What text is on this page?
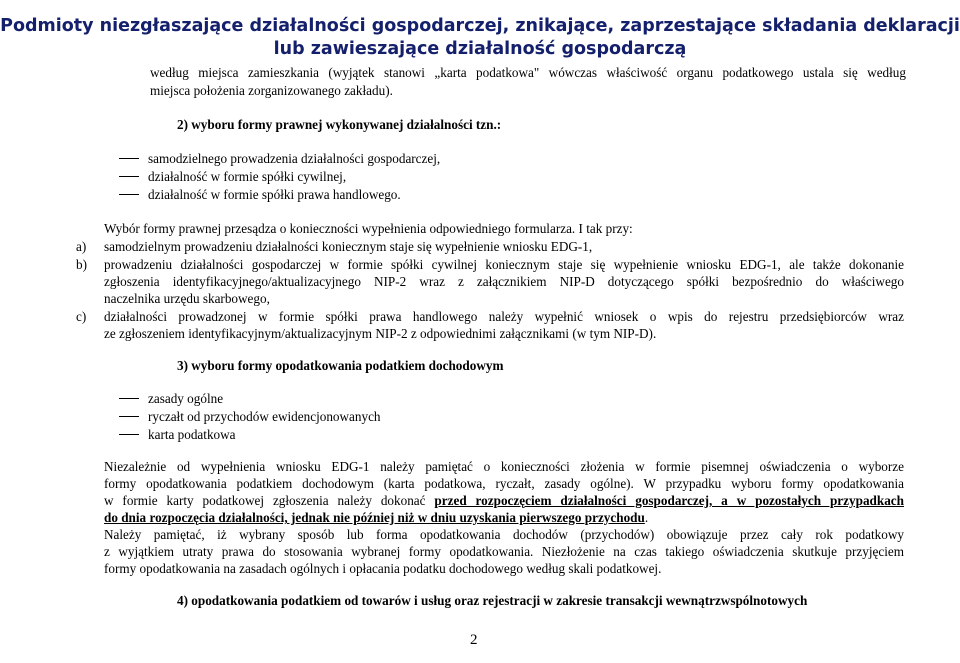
Podmioty niezgłaszające działalności gospodarczej, znikające, zaprzestające składania deklaracji
lub zawieszające działalność gospodarczą
według miejsca zamieszkania (wyjątek stanowi „karta podatkowa" wówczas właściwość organu podatkowego ustala się według
miejsca położenia zorganizowanego zakładu).
2) wyboru formy prawnej wykonywanej działalności tzn.:
samodzielnego prowadzenia działalności gospodarczej,
działalność w formie spółki cywilnej,
działalność w formie spółki prawa handlowego.
Wybór formy prawnej przesądza o konieczności wypełnienia odpowiedniego formularza. I tak przy:
a) samodzielnym prowadzeniu działalności koniecznym staje się wypełnienie wniosku EDG-1,
b) prowadzeniu działalności gospodarczej w formie spółki cywilnej koniecznym staje się wypełnienie wniosku EDG-1, ale także dokonanie
zgłoszenia identyfikacyjnego/aktualizacyjnego NIP-2 wraz z załącznikiem NIP-D dotyczącego spółki bezpośrednio do właściwego
naczelnika urzędu skarbowego,
c) działalności prowadzonej w formie spółki prawa handlowego należy wypełnić wniosek o wpis do rejestru przedsiębiorców wraz
ze zgłoszeniem identyfikacyjnym/aktualizacyjnym NIP-2 z odpowiednimi załącznikami (w tym NIP-D).
3) wyboru formy opodatkowania podatkiem dochodowym
zasady ogólne
ryczałt od przychodów ewidencjonowanych
karta podatkowa
Niezależnie od wypełnienia wniosku EDG-1 należy pamiętać o konieczności złożenia w formie pisemnej oświadczenia o wyborze
formy opodatkowania podatkiem dochodowym (karta podatkowa, ryczałt, zasady ogólne). W przypadku wyboru formy opodatkowania
w formie karty podatkowej zgłoszenia należy dokonać przed rozpoczęciem działalności gospodarczej, a w pozostałych przypadkach
do dnia rozpoczęcia działalności, jednak nie później niż w dniu uzyskania pierwszego przychodu.
Należy pamiętać, iż wybrany sposób lub forma opodatkowania dochodów (przychodów) obowiązuje przez cały rok podatkowy
z wyjątkiem utraty prawa do stosowania wybranej formy opodatkowania. Niezłożenie na czas takiego oświadczenia skutkuje przyjęciem
formy opodatkowania na zasadach ogólnych i opłacania podatku dochodowego według skali podatkowej.
4) opodatkowania podatkiem od towarów i usług oraz rejestracji w zakresie transakcji wewnątrzwspólnotowych
2
